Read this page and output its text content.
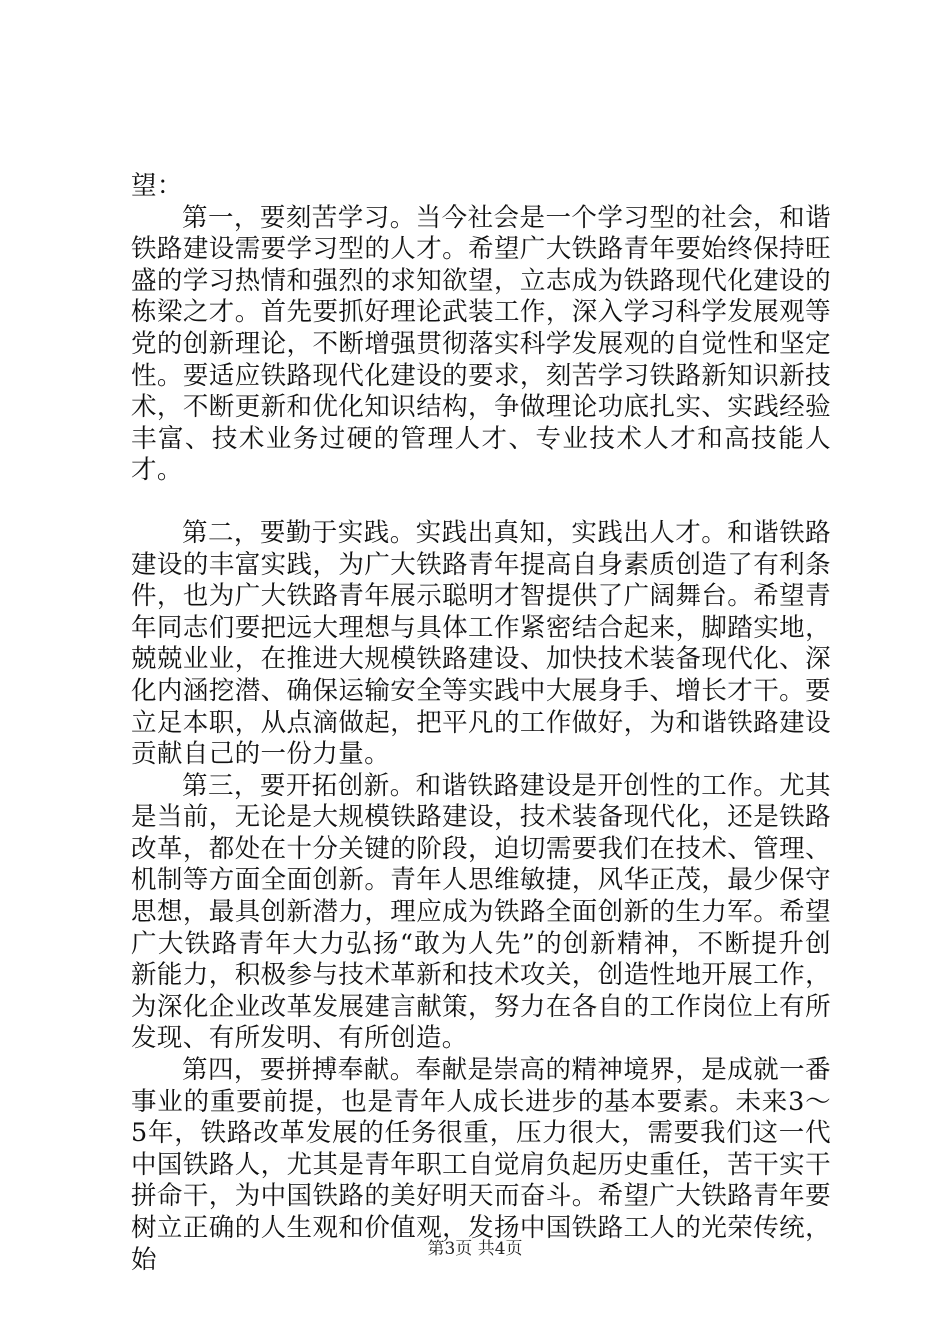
望：

第一，要刻苦学习。当今社会是一个学习型的社会，和谐铁路建设需要学习型的人才。希望广大铁路青年要始终保持旺盛的学习热情和强烈的求知欲望，立志成为铁路现代化建设的栋梁之才。首先要抓好理论武装工作，深入学习科学发展观等党的创新理论，不断增强贯彻落实科学发展观的自觉性和坚定性。要适应铁路现代化建设的要求，刻苦学习铁路新知识新技术，不断更新和优化知识结构，争做理论功底扎实、实践经验丰富、技术业务过硬的管理人才、专业技术人才和高技能人才。

第二，要勤于实践。实践出真知，实践出人才。和谐铁路建设的丰富实践，为广大铁路青年提高自身素质创造了有利条件，也为广大铁路青年展示聪明才智提供了广阔舞台。希望青年同志们要把远大理想与具体工作紧密结合起来，脚踏实地，兢兢业业，在推进大规模铁路建设、加快技术装备现代化、深化内涵挖潜、确保运输安全等实践中大展身手、增长才干。要立足本职，从点滴做起，把平凡的工作做好，为和谐铁路建设贡献自己的一份力量。

第三，要开拓创新。和谐铁路建设是开创性的工作。尤其是当前，无论是大规模铁路建设，技术装备现代化，还是铁路改革，都处在十分关键的阶段，迫切需要我们在技术、管理、机制等方面全面创新。青年人思维敏捷，风华正茂，最少保守思想，最具创新潜力，理应成为铁路全面创新的生力军。希望广大铁路青年大力弘扬“敢为人先”的创新精神，不断提升创新能力，积极参与技术革新和技术攻关，创造性地开展工作，为深化企业改革发展建言献策，努力在各自的工作岗位上有所发现、有所发明、有所创造。

第四，要拼搏奉献。奉献是崇高的精神境界，是成就一番事业的重要前提，也是青年人成长进步的基本要素。未来3～5年，铁路改革发展的任务很重，压力很大，需要我们这一代中国铁路人，尤其是青年职工自觉肩负起历史重任，苦干实干拼命干，为中国铁路的美好明天而奋斗。希望广大铁路青年要树立正确的人生观和价值观，发扬中国铁路工人的光荣传统，始	第3页 共4页
